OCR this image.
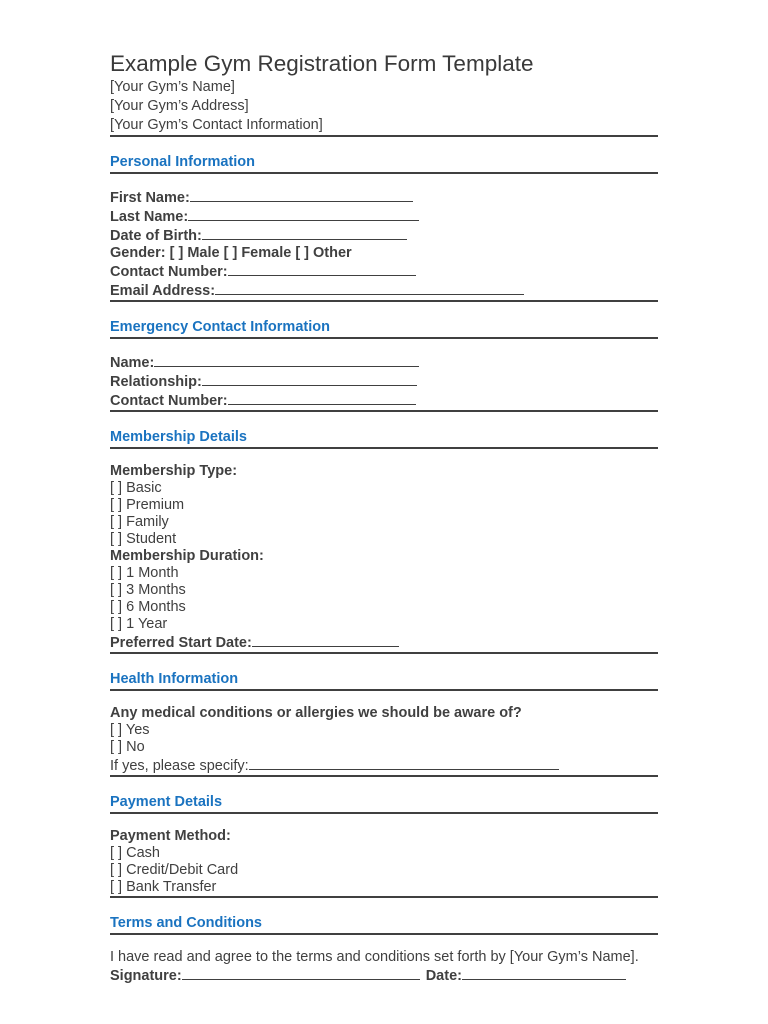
Example Gym Registration Form Template
[Your Gym’s Name]
[Your Gym’s Address]
[Your Gym’s Contact Information]
Personal Information
First Name:
Last Name:
Date of Birth:
Gender: [ ] Male [ ] Female [ ] Other
Contact Number:
Email Address:
Emergency Contact Information
Name:
Relationship:
Contact Number:
Membership Details
Membership Type:
[ ] Basic
[ ] Premium
[ ] Family
[ ] Student
Membership Duration:
[ ] 1 Month
[ ] 3 Months
[ ] 6 Months
[ ] 1 Year
Preferred Start Date:
Health Information
Any medical conditions or allergies we should be aware of?
[ ] Yes
[ ] No
If yes, please specify:
Payment Details
Payment Method:
[ ] Cash
[ ] Credit/Debit Card
[ ] Bank Transfer
Terms and Conditions
I have read and agree to the terms and conditions set forth by [Your Gym’s Name].
Signature:	Date:
